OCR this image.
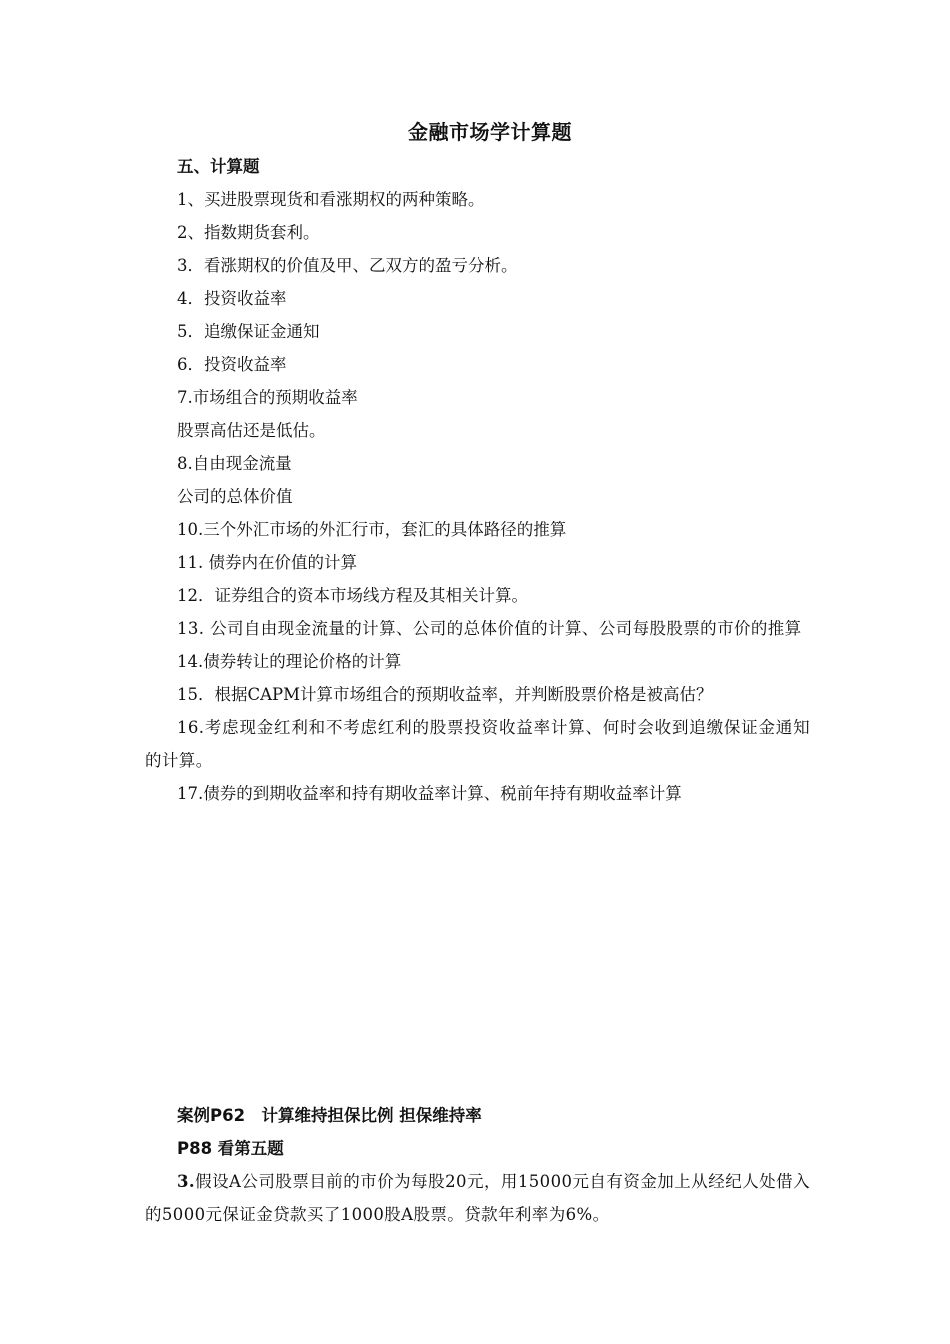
金融市场学计算题
五、计算题
1、买进股票现货和看涨期权的两种策略。
2、指数期货套利。
3．看涨期权的价值及甲、乙双方的盈亏分析。
4．投资收益率
5．追缴保证金通知
6．投资收益率
7.市场组合的预期收益率
股票高估还是低估。
8.自由现金流量
公司的总体价值
10.三个外汇市场的外汇行市，套汇的具体路径的推算
11. 债券内在价值的计算
12．证券组合的资本市场线方程及其相关计算。
13. 公司自由现金流量的计算、公司的总体价值的计算、公司每股股票的市价的推算
14.债券转让的理论价格的计算
15．根据CAPM计算市场组合的预期收益率，并判断股票价格是被高估？
16.考虑现金红利和不考虑红利的股票投资收益率计算、何时会收到追缴保证金通知的计算。
17.债券的到期收益率和持有期收益率计算、税前年持有期收益率计算
案例P62　计算维持担保比例 担保维持率
P88 看第五题
3.假设A公司股票目前的市价为每股20元，用15000元自有资金加上从经纪人处借入的5000元保证金贷款买了1000股A股票。贷款年利率为6%。
